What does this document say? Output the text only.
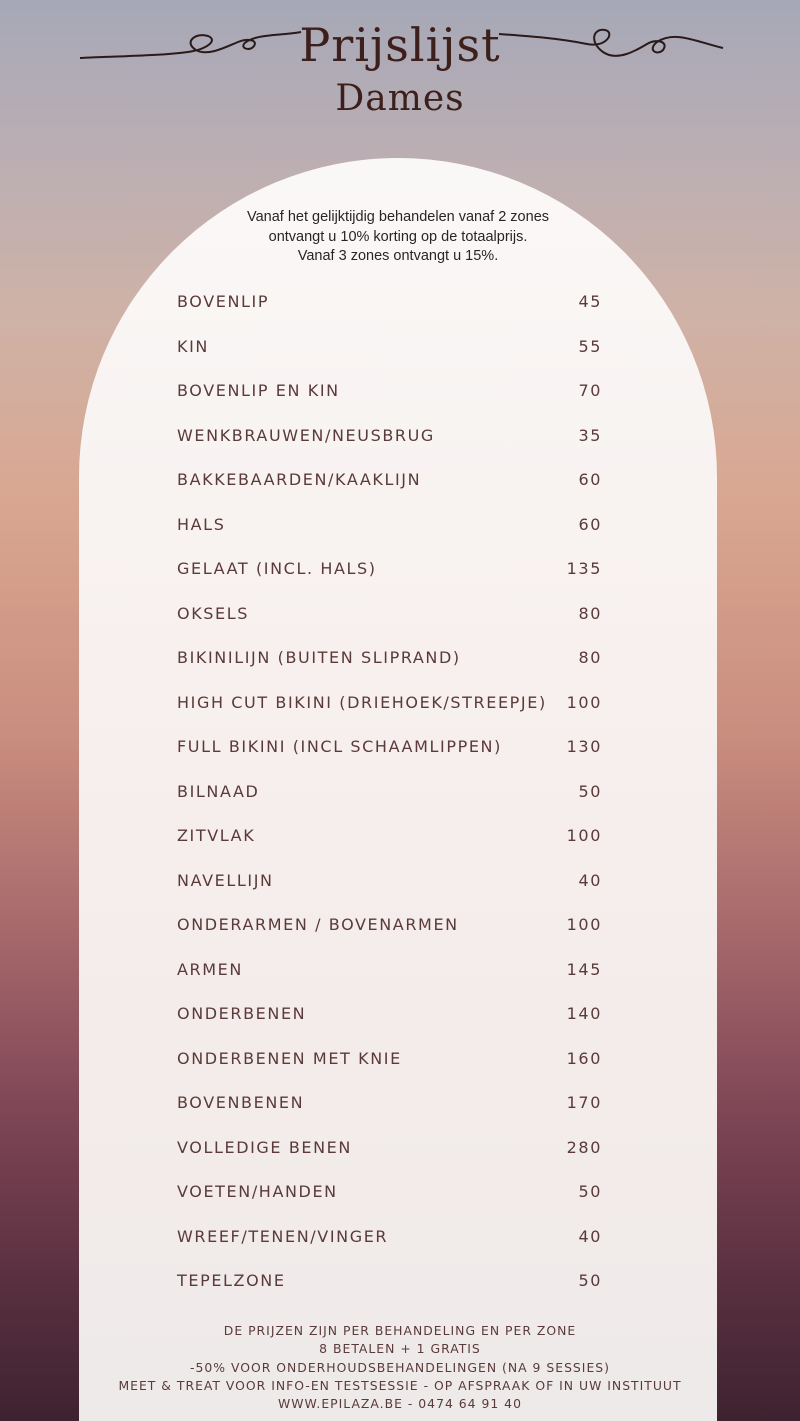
Prijslijst
Dames
Vanaf het gelijktijdig behandelen vanaf 2 zones
ontvangt u 10% korting op de totaalprijs.
Vanaf 3 zones ontvangt u 15%.
BOVENLIP	45
KIN	55
BOVENLIP EN KIN	70
WENKBRAUWEN/NEUSBRUG	35
BAKKEBAARDEN/KAAKLIJN	60
HALS	60
GELAAT (INCL. HALS)	135
OKSELS	80
BIKINILIJN (BUITEN SLIPRAND)	80
HIGH CUT BIKINI (DRIEHOEK/STREEPJE) 100
FULL BIKINI (INCL SCHAAMLIPPEN)	130
BILNAAD	50
ZITVLAK	100
NAVELLIJN	40
ONDERARMEN / BOVENARMEN	100
ARMEN	145
ONDERBENEN	140
ONDERBENEN MET KNIE	160
BOVENBENEN	170
VOLLEDIGE BENEN	280
VOETEN/HANDEN	50
WREEF/TENEN/VINGER	40
TEPELZONE	50
DE PRIJZEN ZIJN PER BEHANDELING EN PER ZONE
8 BETALEN + 1 GRATIS
-50% VOOR ONDERHOUDSBEHANDELINGEN (NA 9 SESSIES)
MEET & TREAT VOOR INFO-EN TESTSESSIE - OP AFSPRAAK OF IN UW INSTITUUT
WWW.EPILAZA.BE - 0474 64 91 40
